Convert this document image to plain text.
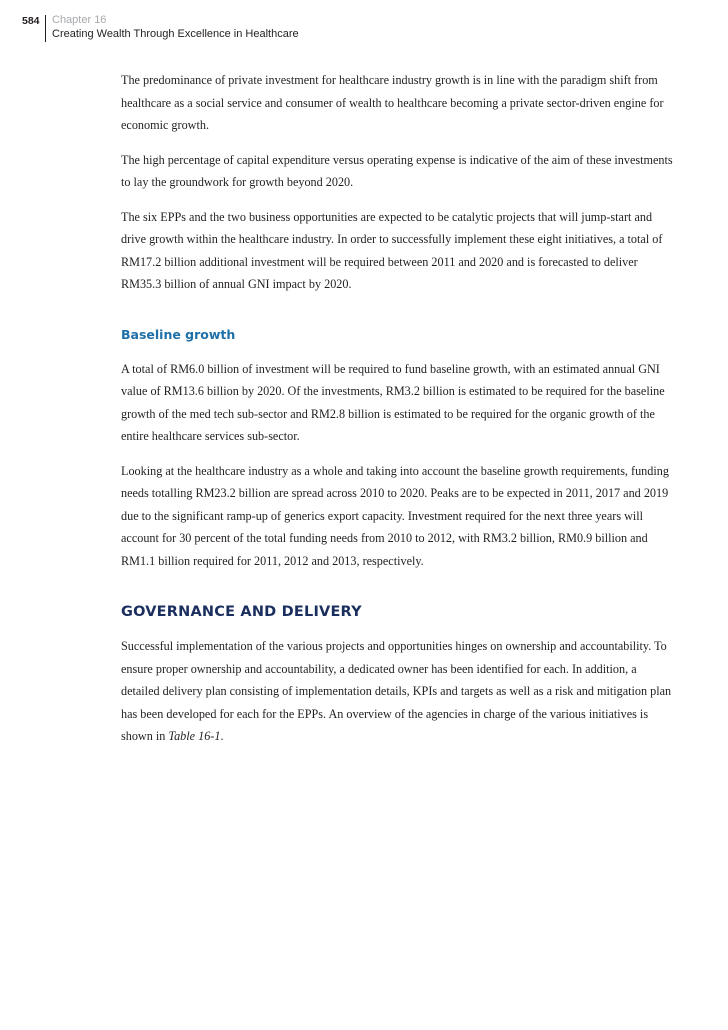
584 Chapter 16
Creating Wealth Through Excellence in Healthcare

The predominance of private investment for healthcare industry growth is in line with the paradigm shift from healthcare as a social service and consumer of wealth to healthcare becoming a private sector-driven engine for economic growth.

The high percentage of capital expenditure versus operating expense is indicative of the aim of these investments to lay the groundwork for growth beyond 2020.

The six EPPs and the two business opportunities are expected to be catalytic projects that will jump-start and drive growth within the healthcare industry. In order to successfully implement these eight initiatives, a total of RM17.2 billion additional investment will be required between 2011 and 2020 and is forecasted to deliver RM35.3 billion of annual GNI impact by 2020.

Baseline growth

A total of RM6.0 billion of investment will be required to fund baseline growth, with an estimated annual GNI value of RM13.6 billion by 2020. Of the investments, RM3.2 billion is estimated to be required for the baseline growth of the med tech sub-sector and RM2.8 billion is estimated to be required for the organic growth of the entire healthcare services sub-sector.

Looking at the healthcare industry as a whole and taking into account the baseline growth requirements, funding needs totalling RM23.2 billion are spread across 2010 to 2020. Peaks are to be expected in 2011, 2017 and 2019 due to the significant ramp-up of generics export capacity. Investment required for the next three years will account for 30 percent of the total funding needs from 2010 to 2012, with RM3.2 billion, RM0.9 billion and RM1.1 billion required for 2011, 2012 and 2013, respectively.

GOVERNANCE AND DELIVERY

Successful implementation of the various projects and opportunities hinges on ownership and accountability. To ensure proper ownership and accountability, a dedicated owner has been identified for each. In addition, a detailed delivery plan consisting of implementation details, KPIs and targets as well as a risk and mitigation plan has been developed for each for the EPPs. An overview of the agencies in charge of the various initiatives is shown in Table 16-1.
